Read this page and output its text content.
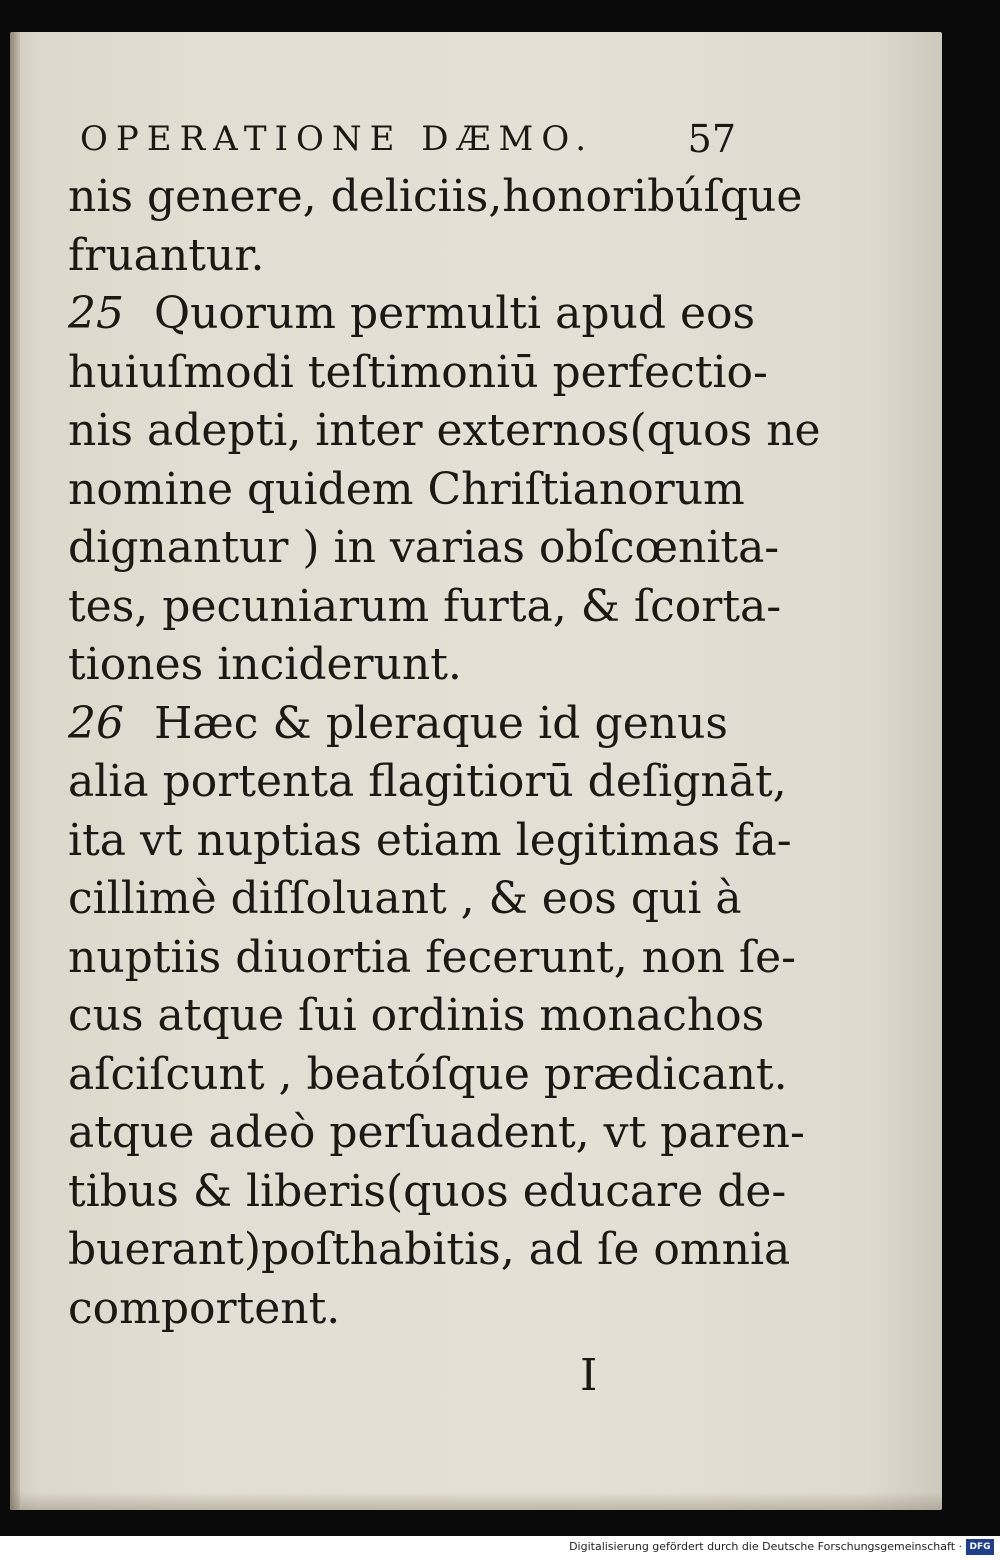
OPERATIONE DÆMO. 57
nis genere, deliciis,honoribúſque
fruantur.
25 Quorum permulti apud eos
huiuſmodi teſtimoniū perfectio-
nis adepti, inter externos(quos ne
nomine quidem Chriſtianorum
dignantur ) in varias obſcœnita-
tes, pecuniarum furta, & ſcorta-
tiones inciderunt.
26 Hæc & pleraque id genus
alia portenta flagitiorū deſignāt,
ita vt nuptias etiam legitimas fa-
cillimè diſſoluant , & eos qui à
nuptiis diuortia fecerunt, non ſe-
cus atque ſui ordinis monachos
aſciſcunt , beatóſque prædicant.
atque adeò perſuadent, vt paren-
tibus & liberis(quos educare de-
buerant)poſthabitis, ad ſe omnia
comportent.
I
Digitalisierung gefördert durch die Deutsche Forschungsgemeinschaft · DFG
